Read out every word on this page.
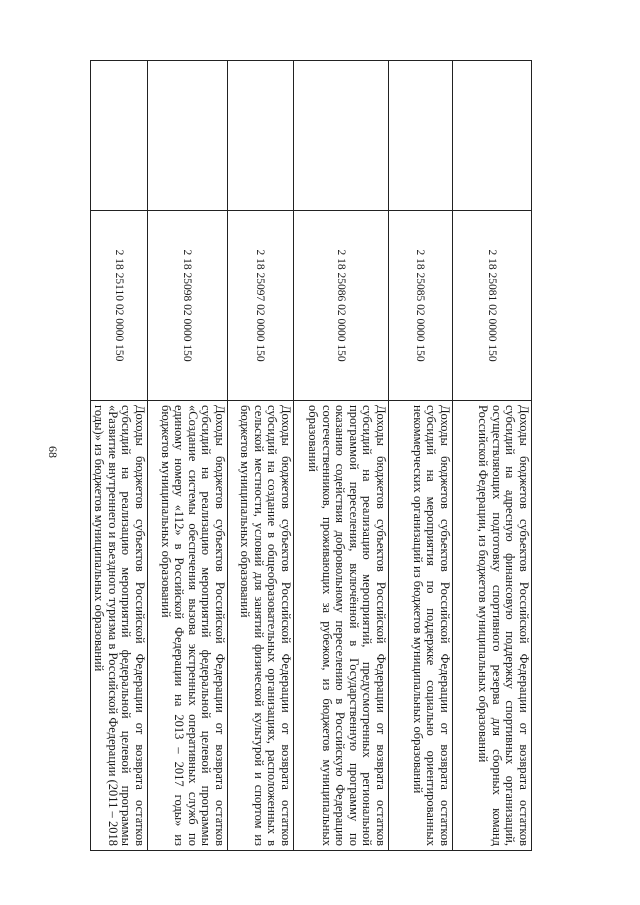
68
	2 18 25081 02 0000 150	Доходы бюджетов субъектов Российской Федерации от возврата остатков субсидий на адресную финансовую поддержку спортивных организаций, осуществляющих подготовку спортивного резерва для сборных команд Российской Федерации, из бюджетов муниципальных образований
	2 18 25085 02 0000 150	Доходы бюджетов субъектов Российской Федерации от возврата остатков субсидий на мероприятия по поддержке социально ориентированных некоммерческих организаций из бюджетов муниципальных образований
	2 18 25086 02 0000 150	Доходы бюджетов субъектов Российской Федерации от возврата остатков субсидий на реализацию мероприятий, предусмотренных региональной программой переселения, включённой в Государственную программу по оказанию содействия добровольному переселению в Российскую Федерацию соотечественников, проживающих за рубежом, из бюджетов муниципальных образований
	2 18 25097 02 0000 150	Доходы бюджетов субъектов Российской Федерации от возврата остатков субсидий на создание в общеобразовательных организациях, расположенных в сельской местности, условий для занятий физической культурой и спортом из бюджетов муниципальных образований
	2 18 25098 02 0000 150	Доходы бюджетов субъектов Российской Федерации от возврата остатков субсидий на реализацию мероприятий федеральной целевой программы «Создание системы обеспечения вызова экстренных оперативных служб по единому номеру «112» в Российской Федерации на 2013 – 2017 годы» из бюджетов муниципальных образований
	2 18 25110 02 0000 150	Доходы бюджетов субъектов Российской Федерации от возврата остатков субсидий на реализацию мероприятий федеральной целевой программы «Развитие внутреннего и въездного туризма в Российской Федерации (2011 – 2018 годы)» из бюджетов муниципальных образований
